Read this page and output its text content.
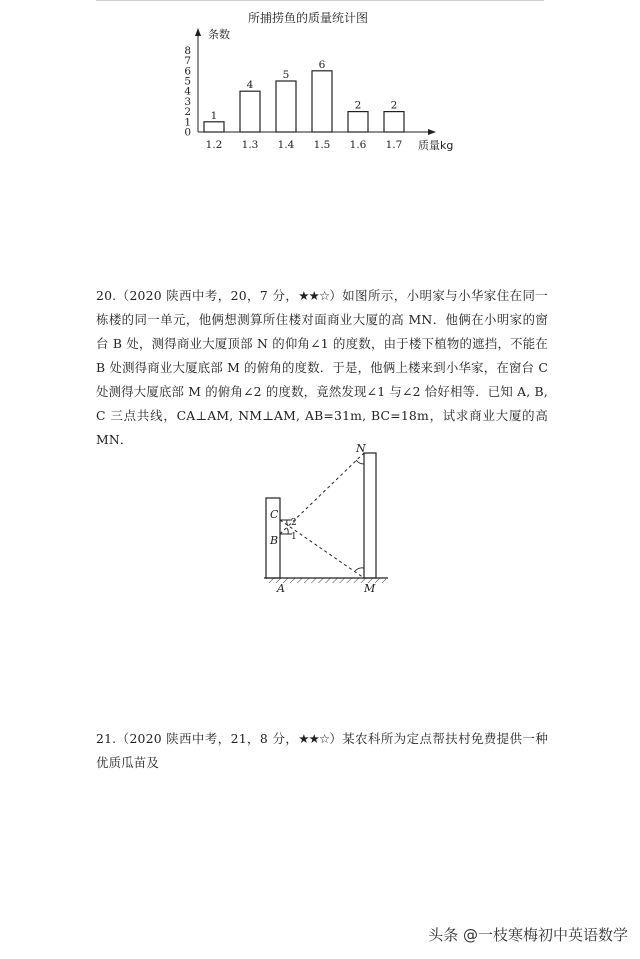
所捕捞鱼的质量统计图
条数
质量kg
0
1
2
3
4
5
6
7
8
1
1.2
4
1.3
5
1.4
6
1.5
2
1.6
2
1.7
20.（2020 陕西中考，20，7 分，★★☆）如图所示，小明家与小华家住在同一栋楼的同一单元，他俩想测算所住楼对面商业大厦的高 MN．他俩在小明家的窗台 B 处，测得商业大厦顶部 N 的仰角∠1 的度数，由于楼下植物的遮挡，不能在 B 处测得商业大厦底部 M 的俯角的度数．于是，他俩上楼来到小华家，在窗台 C 处测得大厦底部 M 的俯角∠2 的度数，竟然发现∠1 与∠2 恰好相等．已知 A, B, C 三点共线，CA⊥AM, NM⊥AM, AB=31m, BC=18m，试求商业大厦的高 MN．
N
C
B
A	M
2
1
21.（2020 陕西中考，21，8 分，★★☆）某农科所为定点帮扶村免费提供一种优质瓜苗及
头条 @一枝寒梅初中英语数学
